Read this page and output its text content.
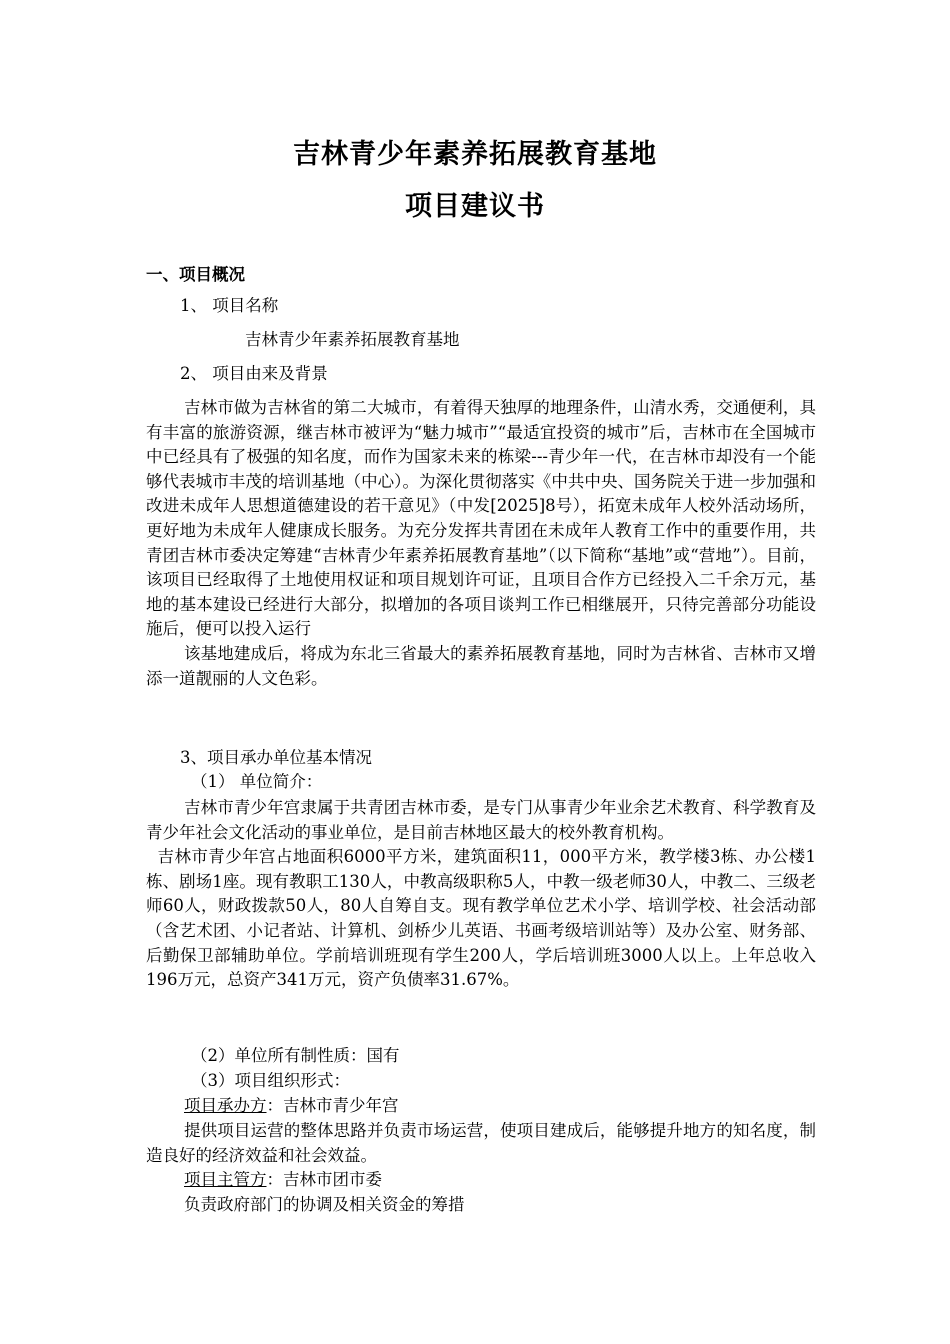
吉林青少年素养拓展教育基地
项目建议书
一、项目概况
1、 项目名称
吉林青少年素养拓展教育基地
2、 项目由来及背景

吉林市做为吉林省的第二大城市，有着得天独厚的地理条件，山清水秀，交通便利，具有丰富的旅游资源，继吉林市被评为“魅力城市”“最适宜投资的城市”后，吉林市在全国城市中已经具有了极强的知名度，而作为国家未来的栋梁---青少年一代，在吉林市却没有一个能够代表城市丰茂的培训基地（中心）。为深化贯彻落实《中共中央、国务院关于进一步加强和改进未成年人思想道德建设的若干意见》（中发[2025]8号），拓宽未成年人校外活动场所，更好地为未成年人健康成长服务。为充分发挥共青团在未成年人教育工作中的重要作用，共青团吉林市委决定筹建“吉林青少年素养拓展教育基地”（以下简称“基地”或“营地”）。目前，该项目已经取得了土地使用权证和项目规划许可证，且项目合作方已经投入二千余万元，基地的基本建设已经进行大部分，拟增加的各项目谈判工作已相继展开，只待完善部分功能设施后，便可以投入运行

该基地建成后，将成为东北三省最大的素养拓展教育基地，同时为吉林省、吉林市又增添一道靓丽的人文色彩。

3、项目承办单位基本情况
（1） 单位简介：

吉林市青少年宫隶属于共青团吉林市委，是专门从事青少年业余艺术教育、科学教育及青少年社会文化活动的事业单位，是目前吉林地区最大的校外教育机构。

吉林市青少年宫占地面积6000平方米，建筑面积11，000平方米，教学楼3栋、办公楼1栋、剧场1座。现有教职工130人，中教高级职称5人，中教一级老师30人，中教二、三级老师60人，财政拨款50人，80人自筹自支。现有教学单位艺术小学、培训学校、社会活动部（含艺术团、小记者站、计算机、剑桥少儿英语、书画考级培训站等）及办公室、财务部、后勤保卫部辅助单位。学前培训班现有学生200人，学后培训班3000人以上。上年总收入196万元，总资产341万元，资产负债率31.67%。

（2）单位所有制性质：国有
（3）项目组织形式：
项目承办方：吉林市青少年宫

提供项目运营的整体思路并负责市场运营，使项目建成后，能够提升地方的知名度，制造良好的经济效益和社会效益。

项目主管方：吉林市团市委
负责政府部门的协调及相关资金的筹措
